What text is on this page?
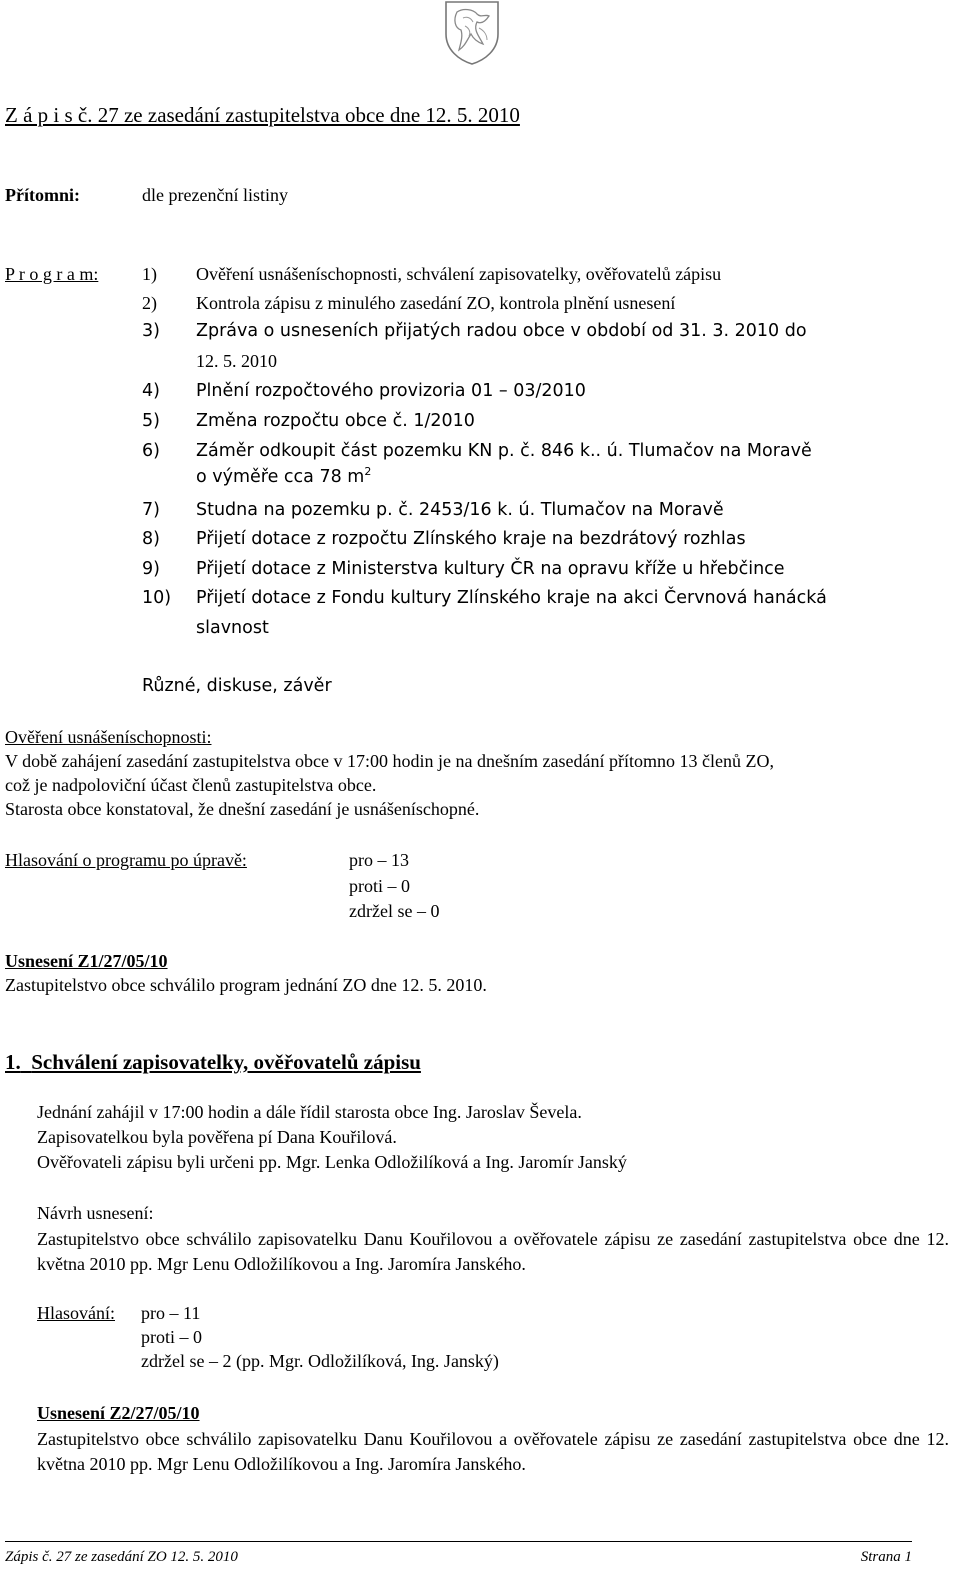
Z á p i s č. 27 ze zasedání zastupitelstva obce dne 12. 5. 2010
Přítomni:	dle prezenční listiny
P r o g r a m: 1) Ověření usnášeníschopnosti, schválení zapisovatelky, ověřovatelů zápisu
2) Kontrola zápisu z minulého zasedání ZO, kontrola plnění usnesení
3) Zpráva o usneseních přijatých radou obce v období od 31. 3. 2010 do
12. 5. 2010
4) Plnění rozpočtového provizoria 01 – 03/2010
5) Změna rozpočtu obce č. 1/2010
6) Záměr odkoupit část pozemku KN p. č. 846 k.. ú. Tlumačov na Moravě
o výměře cca 78 $m^2$
7) Studna na pozemku p. č. 2453/16 k. ú. Tlumačov na Moravě
8) Přijetí dotace z rozpočtu Zlínského kraje na bezdrátový rozhlas
9) Přijetí dotace z Ministerstva kultury ČR na opravu kříže u hřebčince
10) Přijetí dotace z Fondu kultury Zlínského kraje na akci Červnová hanácká
slavnost
Různé, diskuse, závěr
Ověření usnášeníschopnosti:
V době zahájení zasedání zastupitelstva obce v 17:00 hodin je na dnešním zasedání přítomno 13 členů ZO,
což je nadpoloviční účast členů zastupitelstva obce.
Starosta obce konstatoval, že dnešní zasedání je usnášeníschopné.
Hlasování o programu po úpravě:	pro – 13
proti – 0
zdržel se – 0
Usnesení Z1/27/05/10
Zastupitelstvo obce schválilo program jednání ZO dne 12. 5. 2010.
1. Schválení zapisovatelky, ověřovatelů zápisu
Jednání zahájil v 17:00 hodin a dále řídil starosta obce Ing. Jaroslav Ševela.
Zapisovatelkou byla pověřena pí Dana Kouřilová.
Ověřovateli zápisu byli určeni pp. Mgr. Lenka Odložilíková a Ing. Jaromír Janský
Návrh usnesení:
Zastupitelstvo obce schválilo zapisovatelku Danu Kouřilovou a ověřovatele zápisu ze zasedání zastupitelstva obce dne 12. května 2010 pp. Mgr Lenu Odložilíkovou a Ing. Jaromíra Janského.
Hlasování: pro – 11
proti – 0
zdržel se – 2 (pp. Mgr. Odložilíková, Ing. Janský)
Usnesení Z2/27/05/10
Zastupitelstvo obce schválilo zapisovatelku Danu Kouřilovou a ověřovatele zápisu ze zasedání zastupitelstva obce dne 12. května 2010 pp. Mgr Lenu Odložilíkovou a Ing. Jaromíra Janského.
Zápis č. 27 ze zasedání ZO 12. 5. 2010	Strana 1
